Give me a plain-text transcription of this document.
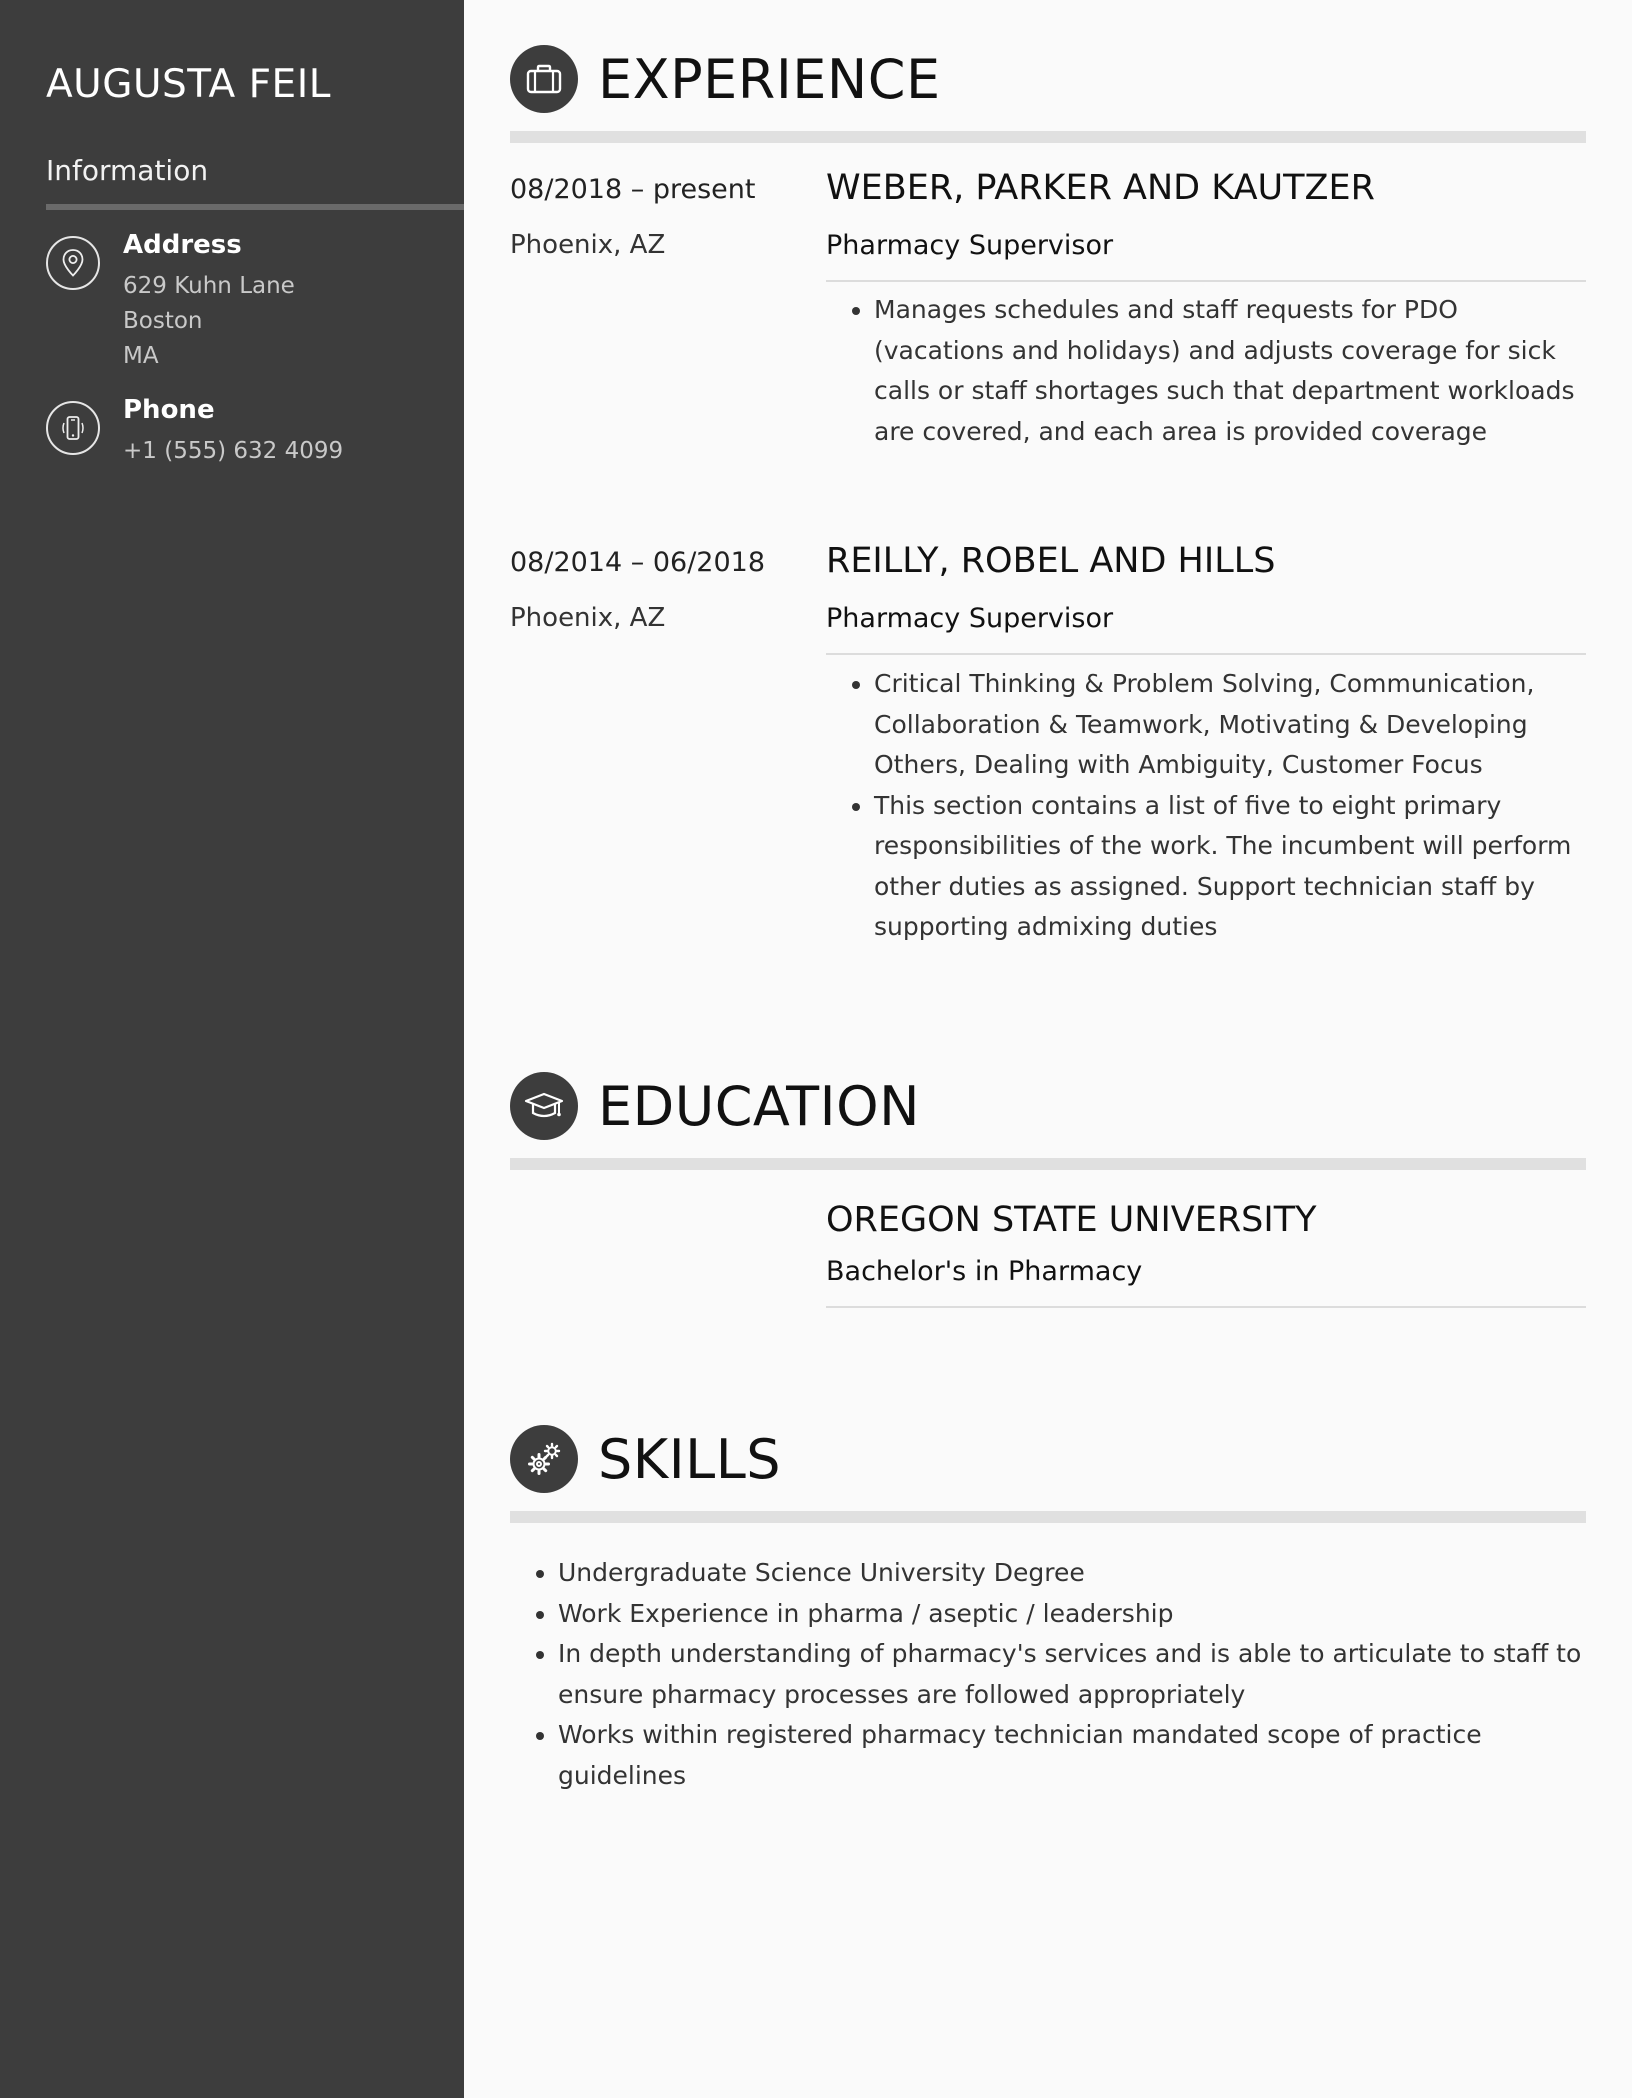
AUGUSTA FEIL
Information
Address
629 Kuhn Lane
Boston
MA
Phone
+1 (555) 632 4099
EXPERIENCE
08/2018 – present
Phoenix, AZ
WEBER, PARKER AND KAUTZER
Pharmacy Supervisor
• Manages schedules and staff requests for PDO (vacations and holidays) and adjusts coverage for sick calls or staff shortages such that department workloads are covered, and each area is provided coverage
08/2014 – 06/2018
Phoenix, AZ
REILLY, ROBEL AND HILLS
Pharmacy Supervisor
• Critical Thinking & Problem Solving, Communication, Collaboration & Teamwork, Motivating & Developing Others, Dealing with Ambiguity, Customer Focus
• This section contains a list of five to eight primary responsibilities of the work. The incumbent will perform other duties as assigned. Support technician staff by supporting admixing duties
EDUCATION
OREGON STATE UNIVERSITY
Bachelor's in Pharmacy
SKILLS
• Undergraduate Science University Degree
• Work Experience in pharma / aseptic / leadership
• In depth understanding of pharmacy's services and is able to articulate to staff to ensure pharmacy processes are followed appropriately
• Works within registered pharmacy technician mandated scope of practice guidelines
